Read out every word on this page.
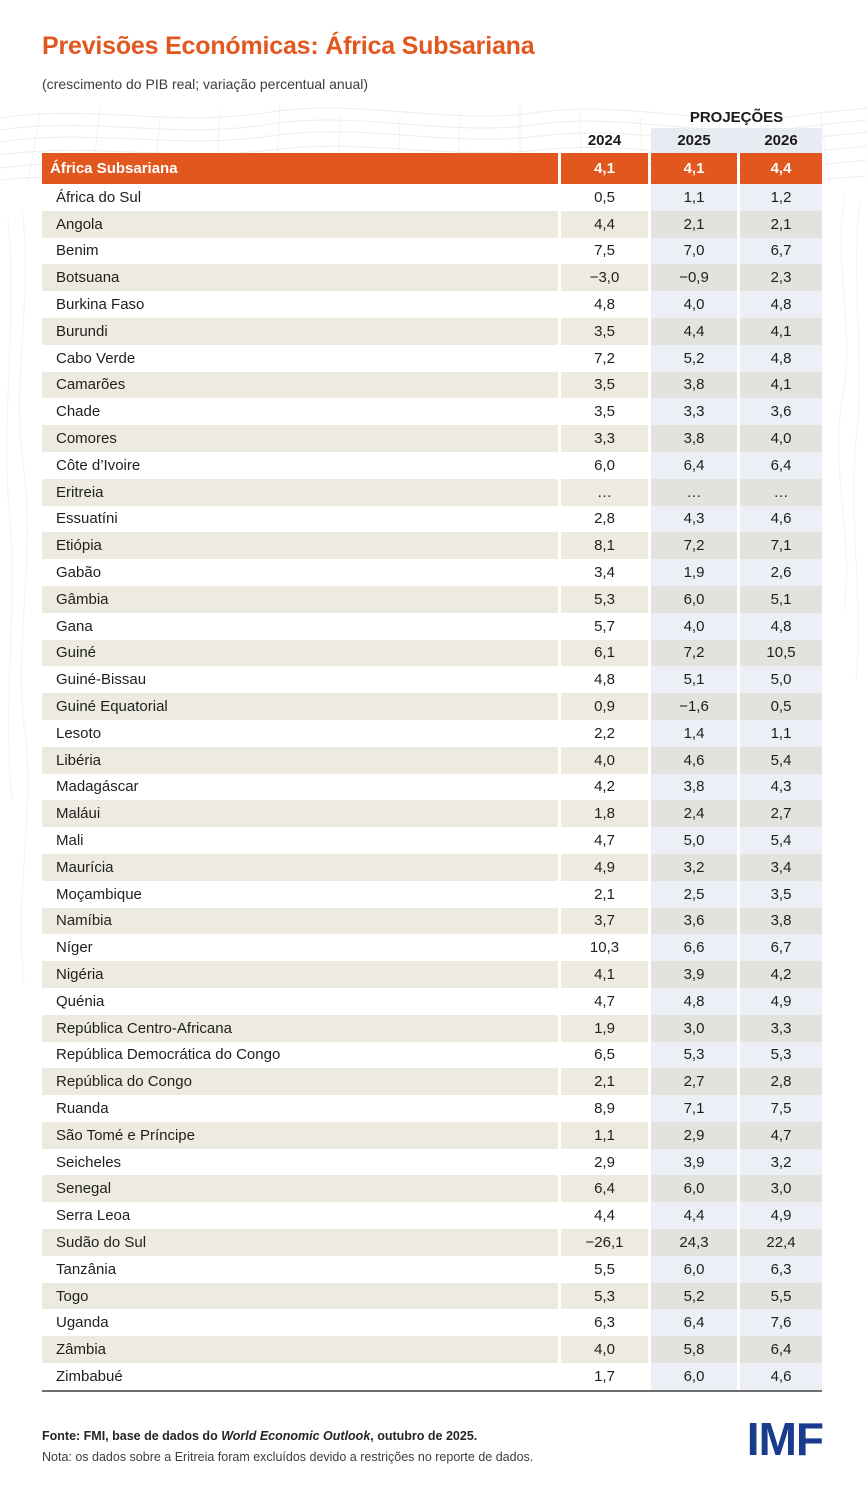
Previsões Económicas: África Subsariana
(crescimento do PIB real; variação percentual anual)
PROJEÇÕES
2024	2025	2026
África Subsariana	4,1	4,1	4,4
África do Sul	0,5	1,1	1,2
Angola	4,4	2,1	2,1
Benim	7,5	7,0	6,7
Botsuana	−3,0	−0,9	2,3
Burkina Faso	4,8	4,0	4,8
Burundi	3,5	4,4	4,1
Cabo Verde	7,2	5,2	4,8
Camarões	3,5	3,8	4,1
Chade	3,5	3,3	3,6
Comores	3,3	3,8	4,0
Côte d’Ivoire	6,0	6,4	6,4
Eritreia	…	…	…
Essuatíni	2,8	4,3	4,6
Etiópia	8,1	7,2	7,1
Gabão	3,4	1,9	2,6
Gâmbia	5,3	6,0	5,1
Gana	5,7	4,0	4,8
Guiné	6,1	7,2	10,5
Guiné-Bissau	4,8	5,1	5,0
Guiné Equatorial	0,9	−1,6	0,5
Lesoto	2,2	1,4	1,1
Libéria	4,0	4,6	5,4
Madagáscar	4,2	3,8	4,3
Maláui	1,8	2,4	2,7
Mali	4,7	5,0	5,4
Maurícia	4,9	3,2	3,4
Moçambique	2,1	2,5	3,5
Namíbia	3,7	3,6	3,8
Níger	10,3	6,6	6,7
Nigéria	4,1	3,9	4,2
Quénia	4,7	4,8	4,9
República Centro-Africana	1,9	3,0	3,3
República Democrática do Congo	6,5	5,3	5,3
República do Congo	2,1	2,7	2,8
Ruanda	8,9	7,1	7,5
São Tomé e Príncipe	1,1	2,9	4,7
Seicheles	2,9	3,9	3,2
Senegal	6,4	6,0	3,0
Serra Leoa	4,4	4,4	4,9
Sudão do Sul	−26,1	24,3	22,4
Tanzânia	5,5	6,0	6,3
Togo	5,3	5,2	5,5
Uganda	6,3	6,4	7,6
Zâmbia	4,0	5,8	6,4
Zimbabué	1,7	6,0	4,6
Fonte: FMI, base de dados do World Economic Outlook, outubro de 2025.
Nota: os dados sobre a Eritreia foram excluídos devido a restrições no reporte de dados.	IMF
